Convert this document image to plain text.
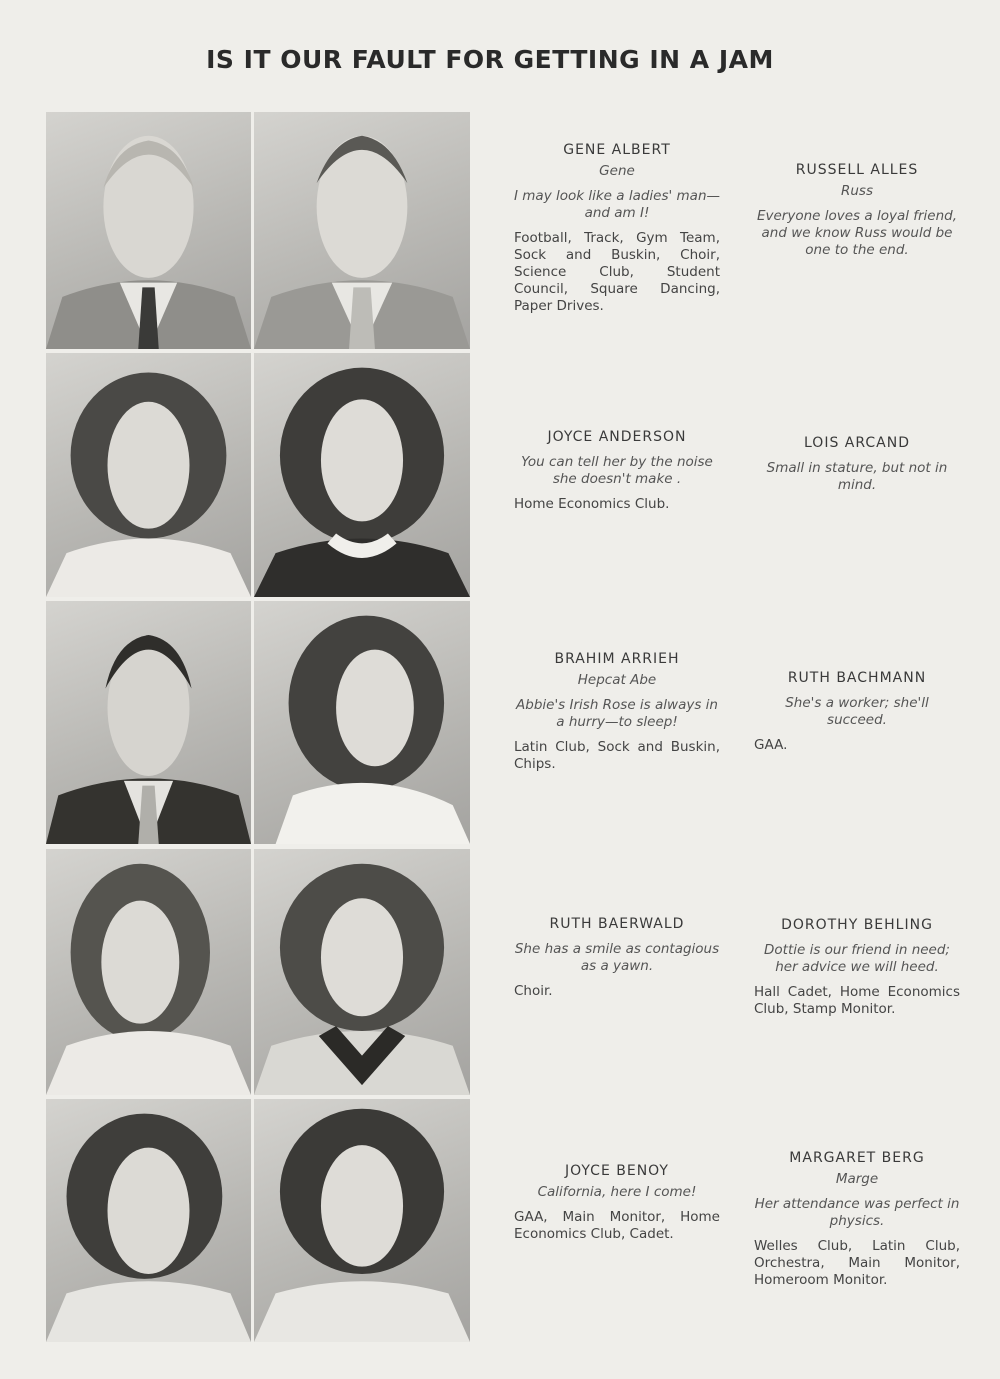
IS IT OUR FAULT FOR GETTING IN A JAM
GENE ALBERT
Gene
I may look like a ladies' man—and am I!
Football, Track, Gym Team, Sock and Buskin, Choir, Science Club, Student Council, Square Dancing, Paper Drives.
RUSSELL ALLES
Russ
Everyone loves a loyal friend, and we know Russ would be one to the end.
JOYCE ANDERSON
You can tell her by the noise she doesn't make .
Home Economics Club.
LOIS ARCAND
Small in stature, but not in mind.
BRAHIM ARRIEH
Hepcat Abe
Abbie's Irish Rose is always in a hurry—to sleep!
Latin Club, Sock and Buskin, Chips.
RUTH BACHMANN
She's a worker; she'll succeed.
GAA.
RUTH BAERWALD
She has a smile as contagious as a yawn.
Choir.
DOROTHY BEHLING
Dottie is our friend in need; her advice we will heed.
Hall Cadet, Home Economics Club, Stamp Monitor.
JOYCE BENOY
California, here I come!
GAA, Main Monitor, Home Economics Club, Cadet.
MARGARET BERG
Marge
Her attendance was perfect in physics.
Welles Club, Latin Club, Orchestra, Main Monitor, Homeroom Monitor.
